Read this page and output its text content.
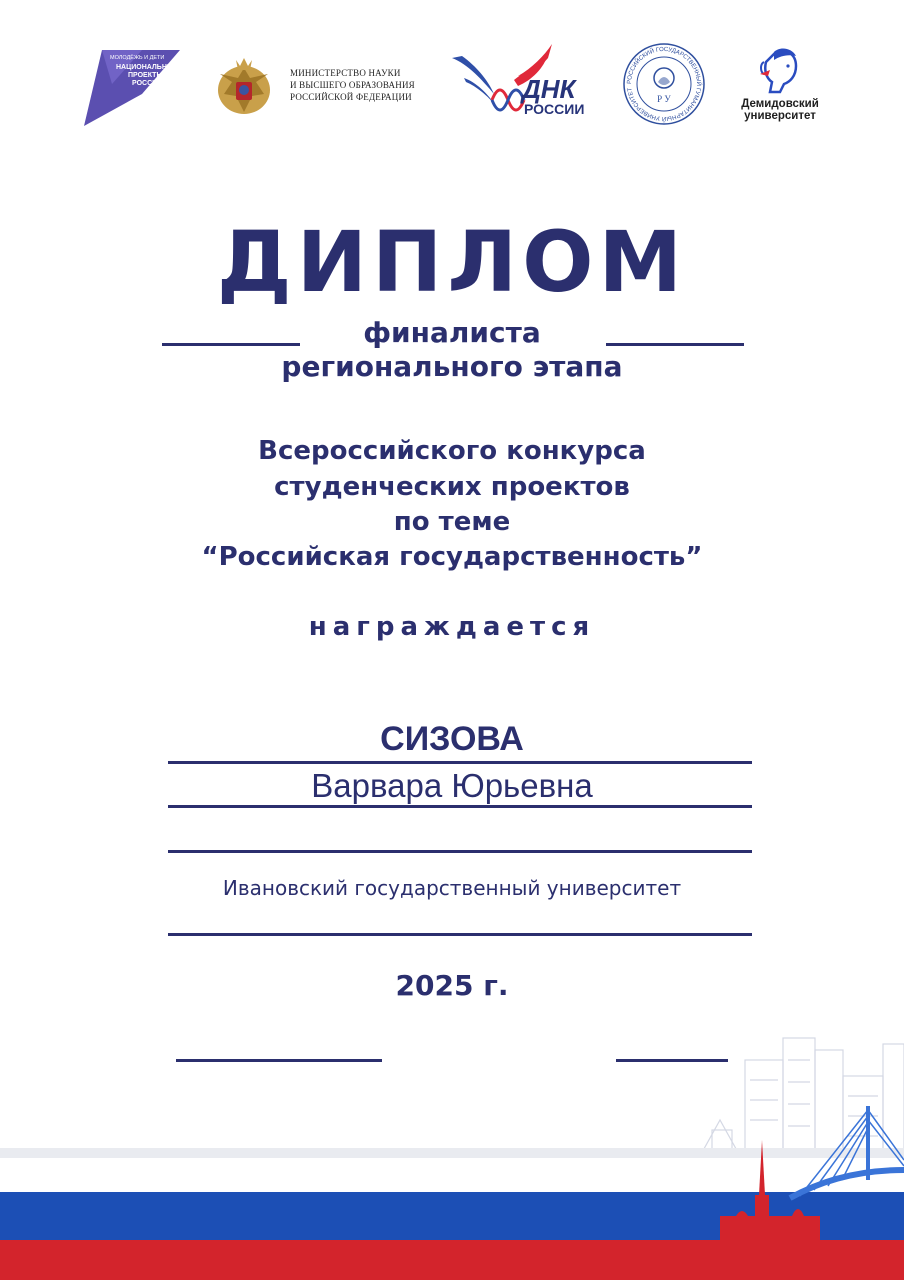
МОЛОДЁЖЬ И ДЕТИ
НАЦИОНАЛЬНЫЕ
ПРОЕКТЫ
РОССИИ
МИНИСТЕРСТВО НАУКИ
И ВЫСШЕГО ОБРАЗОВАНИЯ
РОССИЙСКОЙ ФЕДЕРАЦИИ	ДНК
РОССИИ
РОССИЙСКИЙ ГОСУДАРСТВЕННЫЙ ГУМАНИТАРНЫЙ УНИВЕРСИТЕТ
Р У	Демидовский
университет
ДИПЛОМ
финалиста
регионального этапа
Всероссийского конкурса
студенческих проектов
по теме
“Российская государственность”
награждается
СИЗОВА
Варвара Юрьевна
Ивановский государственный университет
2025 г.
